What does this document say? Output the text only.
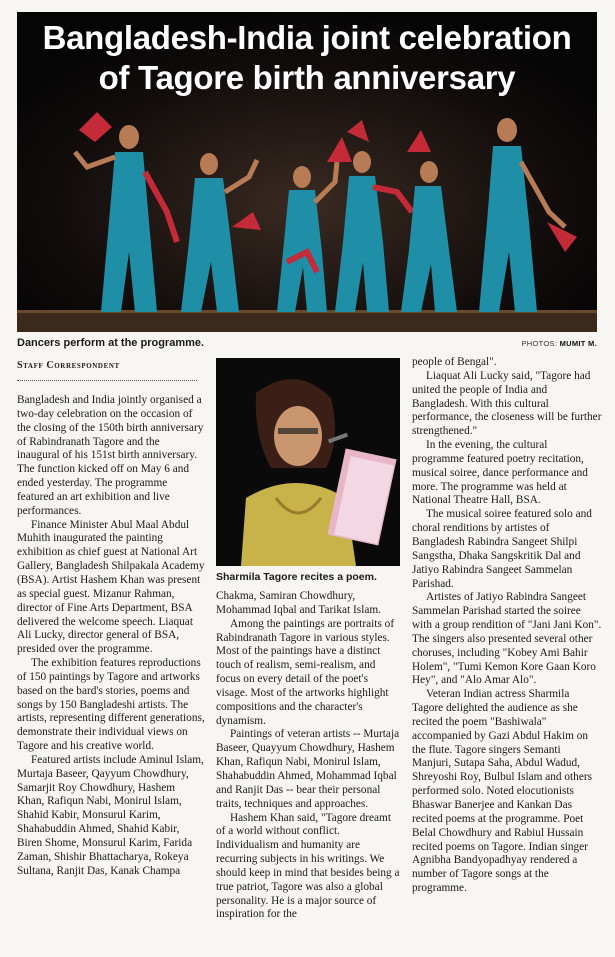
Bangladesh-India joint celebration
of Tagore birth anniversary
Dancers perform at the programme.	PHOTOS: MUMIT M.
Staff Correspondent

Bangladesh and India jointly organised a two-day celebration on the occasion of the closing of the 150th birth anniversary of Rabindranath Tagore and the inaugural of his 151st birth anniversary. The function kicked off on May 6 and ended yesterday. The programme featured an art exhibition and live performances.

Finance Minister Abul Maal Abdul Muhith inaugurated the painting exhibition as chief guest at National Art Gallery, Bangladesh Shilpakala Academy (BSA). Artist Hashem Khan was present as special guest. Mizanur Rahman, director of Fine Arts Department, BSA delivered the welcome speech. Liaquat Ali Lucky, director general of BSA, presided over the programme.

The exhibition features reproductions of 150 paintings by Tagore and artworks based on the bard's stories, poems and songs by 150 Bangladeshi artists. The artists, representing different generations, demonstrate their individual views on Tagore and his creative world.

Featured artists include Aminul Islam, Murtaja Baseer, Qayyum Chowdhury, Samarjit Roy Chowdhury, Hashem Khan, Rafiqun Nabi, Monirul Islam, Shahid Kabir, Monsurul Karim, Shahabuddin Ahmed, Shahid Kabir, Biren Shome, Monsurul Karim, Farida Zaman, Shishir Bhattacharya, Rokeya Sultana, Ranjit Das, Kanak Champa

Sharmila Tagore recites a poem.

Chakma, Samiran Chowdhury, Mohammad Iqbal and Tarikat Islam.

Among the paintings are portraits of Rabindranath Tagore in various styles. Most of the paintings have a distinct touch of realism, semi-realism, and focus on every detail of the poet's visage. Most of the artworks highlight compositions and the character's dynamism.

Paintings of veteran artists -- Murtaja Baseer, Quayyum Chowdhury, Hashem Khan, Rafiqun Nabi, Monirul Islam, Shahabuddin Ahmed, Mohammad Iqbal and Ranjit Das -- bear their personal traits, techniques and approaches.

Hashem Khan said, "Tagore dreamt of a world without conflict. Individualism and humanity are recurring subjects in his writings. We should keep in mind that besides being a true patriot, Tagore was also a global personality. He is a major source of inspiration for the

people of Bengal".

Liaquat Ali Lucky said, "Tagore had united the people of India and Bangladesh. With this cultural performance, the closeness will be further strengthened."

In the evening, the cultural programme featured poetry recitation, musical soiree, dance performance and more. The programme was held at National Theatre Hall, BSA.

The musical soiree featured solo and choral renditions by artistes of Bangladesh Rabindra Sangeet Shilpi Sangstha, Dhaka Sangskritik Dal and Jatiyo Rabindra Sangeet Sammelan Parishad.

Artistes of Jatiyo Rabindra Sangeet Sammelan Parishad started the soiree with a group rendition of "Jani Jani Kon". The singers also presented several other choruses, including "Kobey Ami Bahir Holem", "Tumi Kemon Kore Gaan Koro Hey", and "Alo Amar Alo".

Veteran Indian actress Sharmila Tagore delighted the audience as she recited the poem "Bashiwala" accompanied by Gazi Abdul Hakim on the flute. Tagore singers Semanti Manjuri, Sutapa Saha, Abdul Wadud, Shreyoshi Roy, Bulbul Islam and others performed solo. Noted elocutionists Bhaswar Banerjee and Kankan Das recited poems at the programme. Poet Belal Chowdhury and Rabiul Hussain recited poems on Tagore. Indian singer Agnibha Bandyopadhyay rendered a number of Tagore songs at the programme.
